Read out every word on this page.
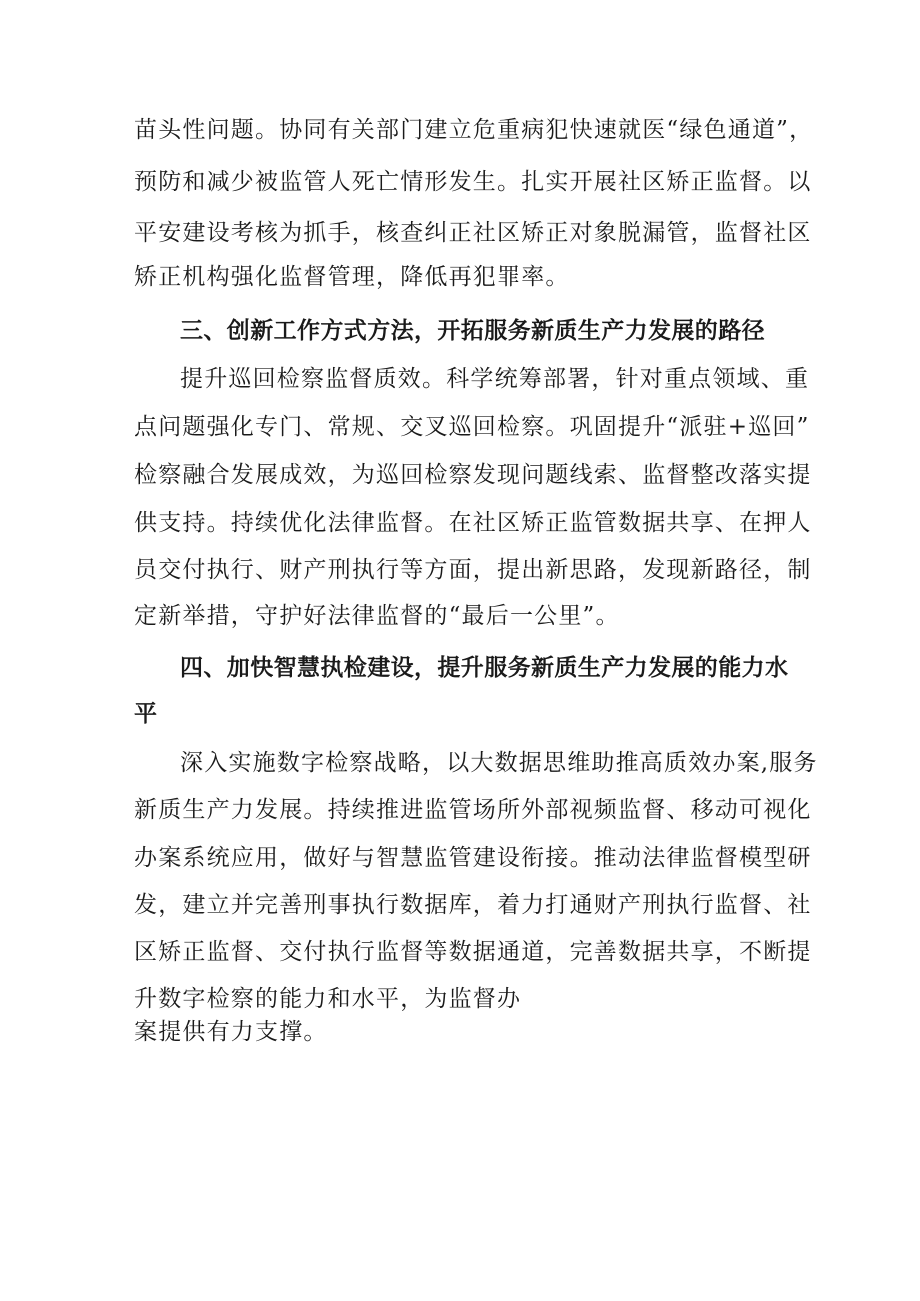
苗头性问题。协同有关部门建立危重病犯快速就医“绿色通道”，

预防和减少被监管人死亡情形发生。扎实开展社区矫正监督。以

平安建设考核为抓手，核查纠正社区矫正对象脱漏管，监督社区

矫正机构强化监督管理，降低再犯罪率。

三、创新工作方式方法，开拓服务新质生产力发展的路径

提升巡回检察监督质效。科学统筹部署，针对重点领域、重

点问题强化专门、常规、交叉巡回检察。巩固提升“派驻+巡回”

检察融合发展成效，为巡回检察发现问题线索、监督整改落实提

供支持。持续优化法律监督。在社区矫正监管数据共享、在押人

员交付执行、财产刑执行等方面，提出新思路，发现新路径，制

定新举措，守护好法律监督的“最后一公里”。

四、加快智慧执检建设，提升服务新质生产力发展的能力水

平

深入实施数字检察战略，以大数据思维助推高质效办案,服务

新质生产力发展。持续推进监管场所外部视频监督、移动可视化

办案系统应用，做好与智慧监管建设衔接。推动法律监督模型研

发，建立并完善刑事执行数据库，着力打通财产刑执行监督、社

区矫正监督、交付执行监督等数据通道，完善数据共享，不断提

升数字检察的能力和水平，为监督办

案提供有力支撑。
